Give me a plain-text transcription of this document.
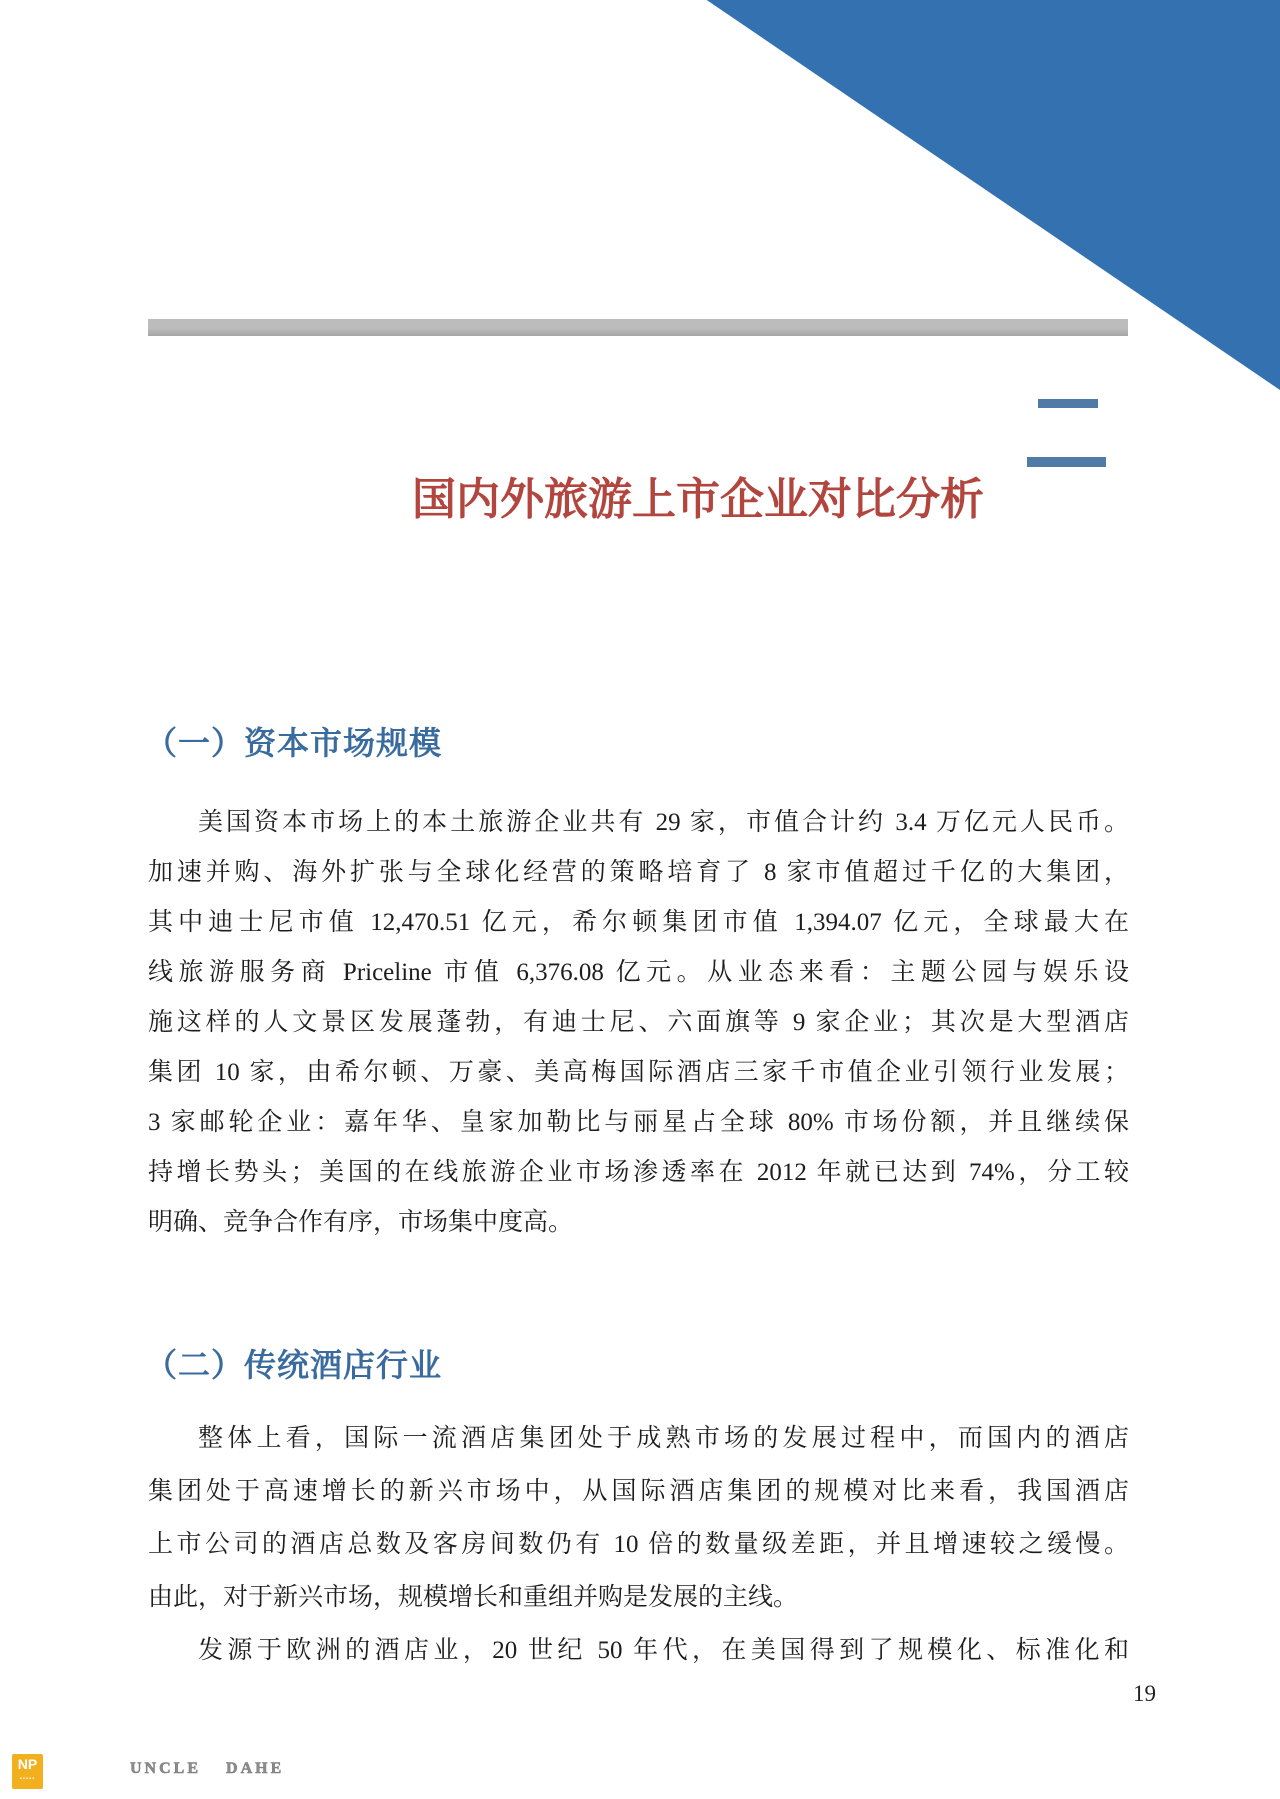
国内外旅游上市企业对比分析
（一）资本市场规模
美国资本市场上的本土旅游企业共有 29 家，市值合计约 3.4 万亿元人民币。
加速并购、海外扩张与全球化经营的策略培育了 8 家市值超过千亿的大集团，
其中迪士尼市值 12,470.51 亿元，希尔顿集团市值 1,394.07 亿元，全球最大在
线旅游服务商 Priceline 市值 6,376.08 亿元。从业态来看：主题公园与娱乐设
施这样的人文景区发展蓬勃，有迪士尼、六面旗等 9 家企业；其次是大型酒店
集团 10 家，由希尔顿、万豪、美高梅国际酒店三家千市值企业引领行业发展；
3 家邮轮企业：嘉年华、皇家加勒比与丽星占全球 80% 市场份额，并且继续保
持增长势头；美国的在线旅游企业市场渗透率在 2012 年就已达到 74%，分工较
明确、竞争合作有序，市场集中度高。
（二）传统酒店行业
整体上看，国际一流酒店集团处于成熟市场的发展过程中，而国内的酒店
集团处于高速增长的新兴市场中，从国际酒店集团的规模对比来看，我国酒店
上市公司的酒店总数及客房间数仍有 10 倍的数量级差距，并且增速较之缓慢。
由此，对于新兴市场，规模增长和重组并购是发展的主线。
发源于欧洲的酒店业，20 世纪 50 年代，在美国得到了规模化、标准化和
19
NP
▪▪▪▪▪
UNCLE DAHE
